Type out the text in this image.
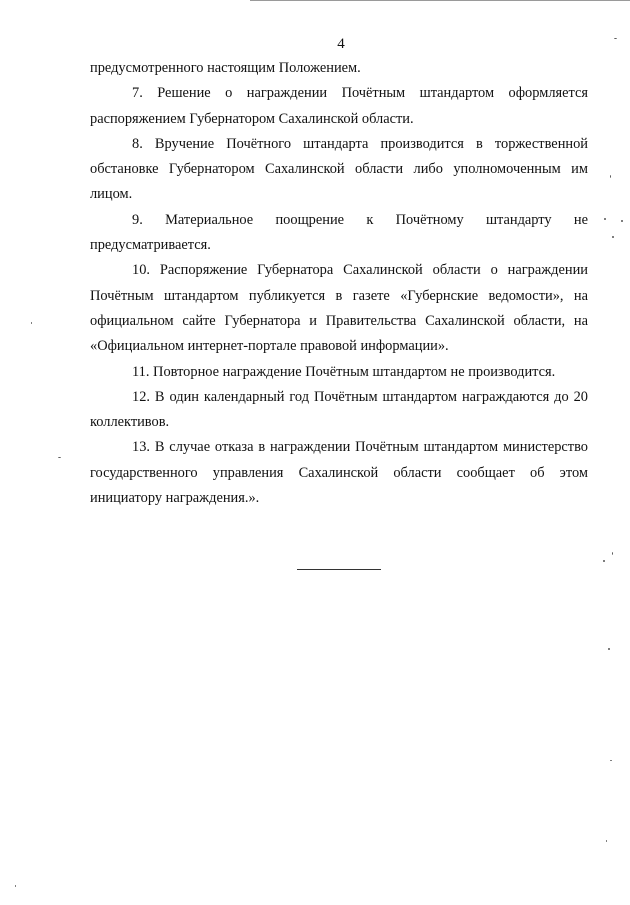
4

предусмотренного настоящим Положением.

7. Решение о награждении Почётным штандартом оформляется распоряжением Губернатором Сахалинской области.

8. Вручение Почётного штандарта производится в торжественной обстановке Губернатором Сахалинской области либо уполномоченным им лицом.

9. Материальное поощрение к Почётному штандарту не предусматривается.

10. Распоряжение Губернатора Сахалинской области о награждении Почётным штандартом публикуется в газете «Губернские ведомости», на официальном сайте Губернатора и Правительства Сахалинской области, на «Официальном интернет-портале правовой информации».

11. Повторное награждение Почётным штандартом не производится.

12. В один календарный год Почётным штандартом награждаются до 20 коллективов.

13. В случае отказа в награждении Почётным штандартом министерство государственного управления Сахалинской области сообщает об этом инициатору награждения.».
